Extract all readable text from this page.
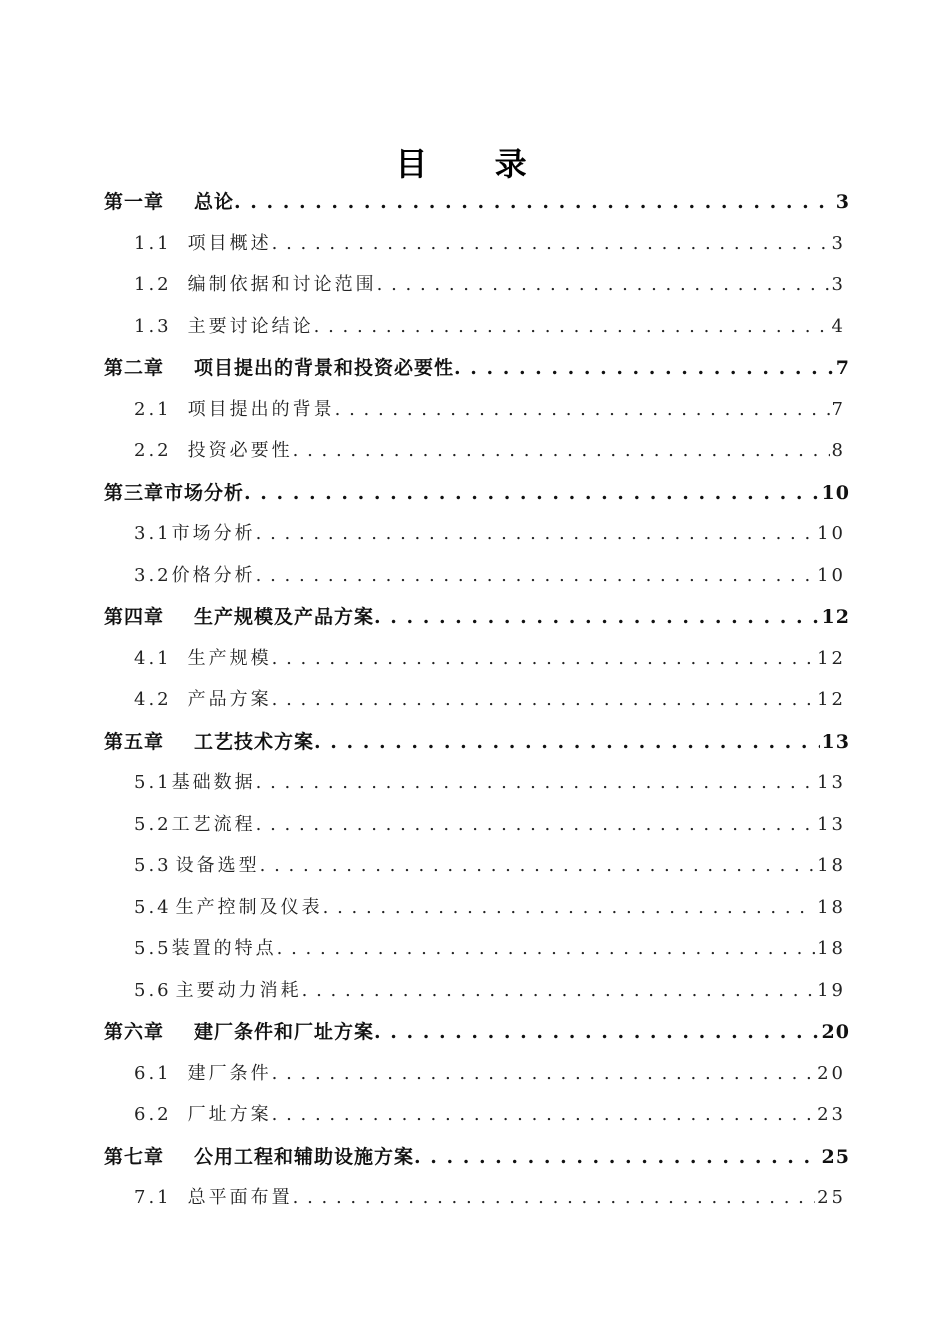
目 录
第一章 总论 . . .	3
1.1 项目概述 . . .	3
1.2 编制依据和讨论范围 . . .	3
1.3 主要讨论结论 . . .	4
第二章 项目提出的背景和投资必要性 . . .	7
2.1 项目提出的背景 . . .	7
2.2 投资必要性 . . .	8
第三章 市场分析 . . .	10
3.1 市场分析 . . .	10
3.2 价格分析 . . .	10
第四章 生产规模及产品方案 . . .	12
4.1 生产规模 . . .	12
4.2 产品方案 . . .	12
第五章 工艺技术方案 . . .	13
5.1 基础数据 . . .	13
5.2 工艺流程 . . .	13
5.3 设备选型 . . .	18
5.4 生产控制及仪表 . . .	18
5.5 装置的特点 . . .	18
5.6 主要动力消耗 . . .	19
第六章 建厂条件和厂址方案 . . .	20
6.1 建厂条件 . . .	20
6.2 厂址方案 . . .	23
第七章 公用工程和辅助设施方案 . . .	25
7.1 总平面布置 . . .	25
